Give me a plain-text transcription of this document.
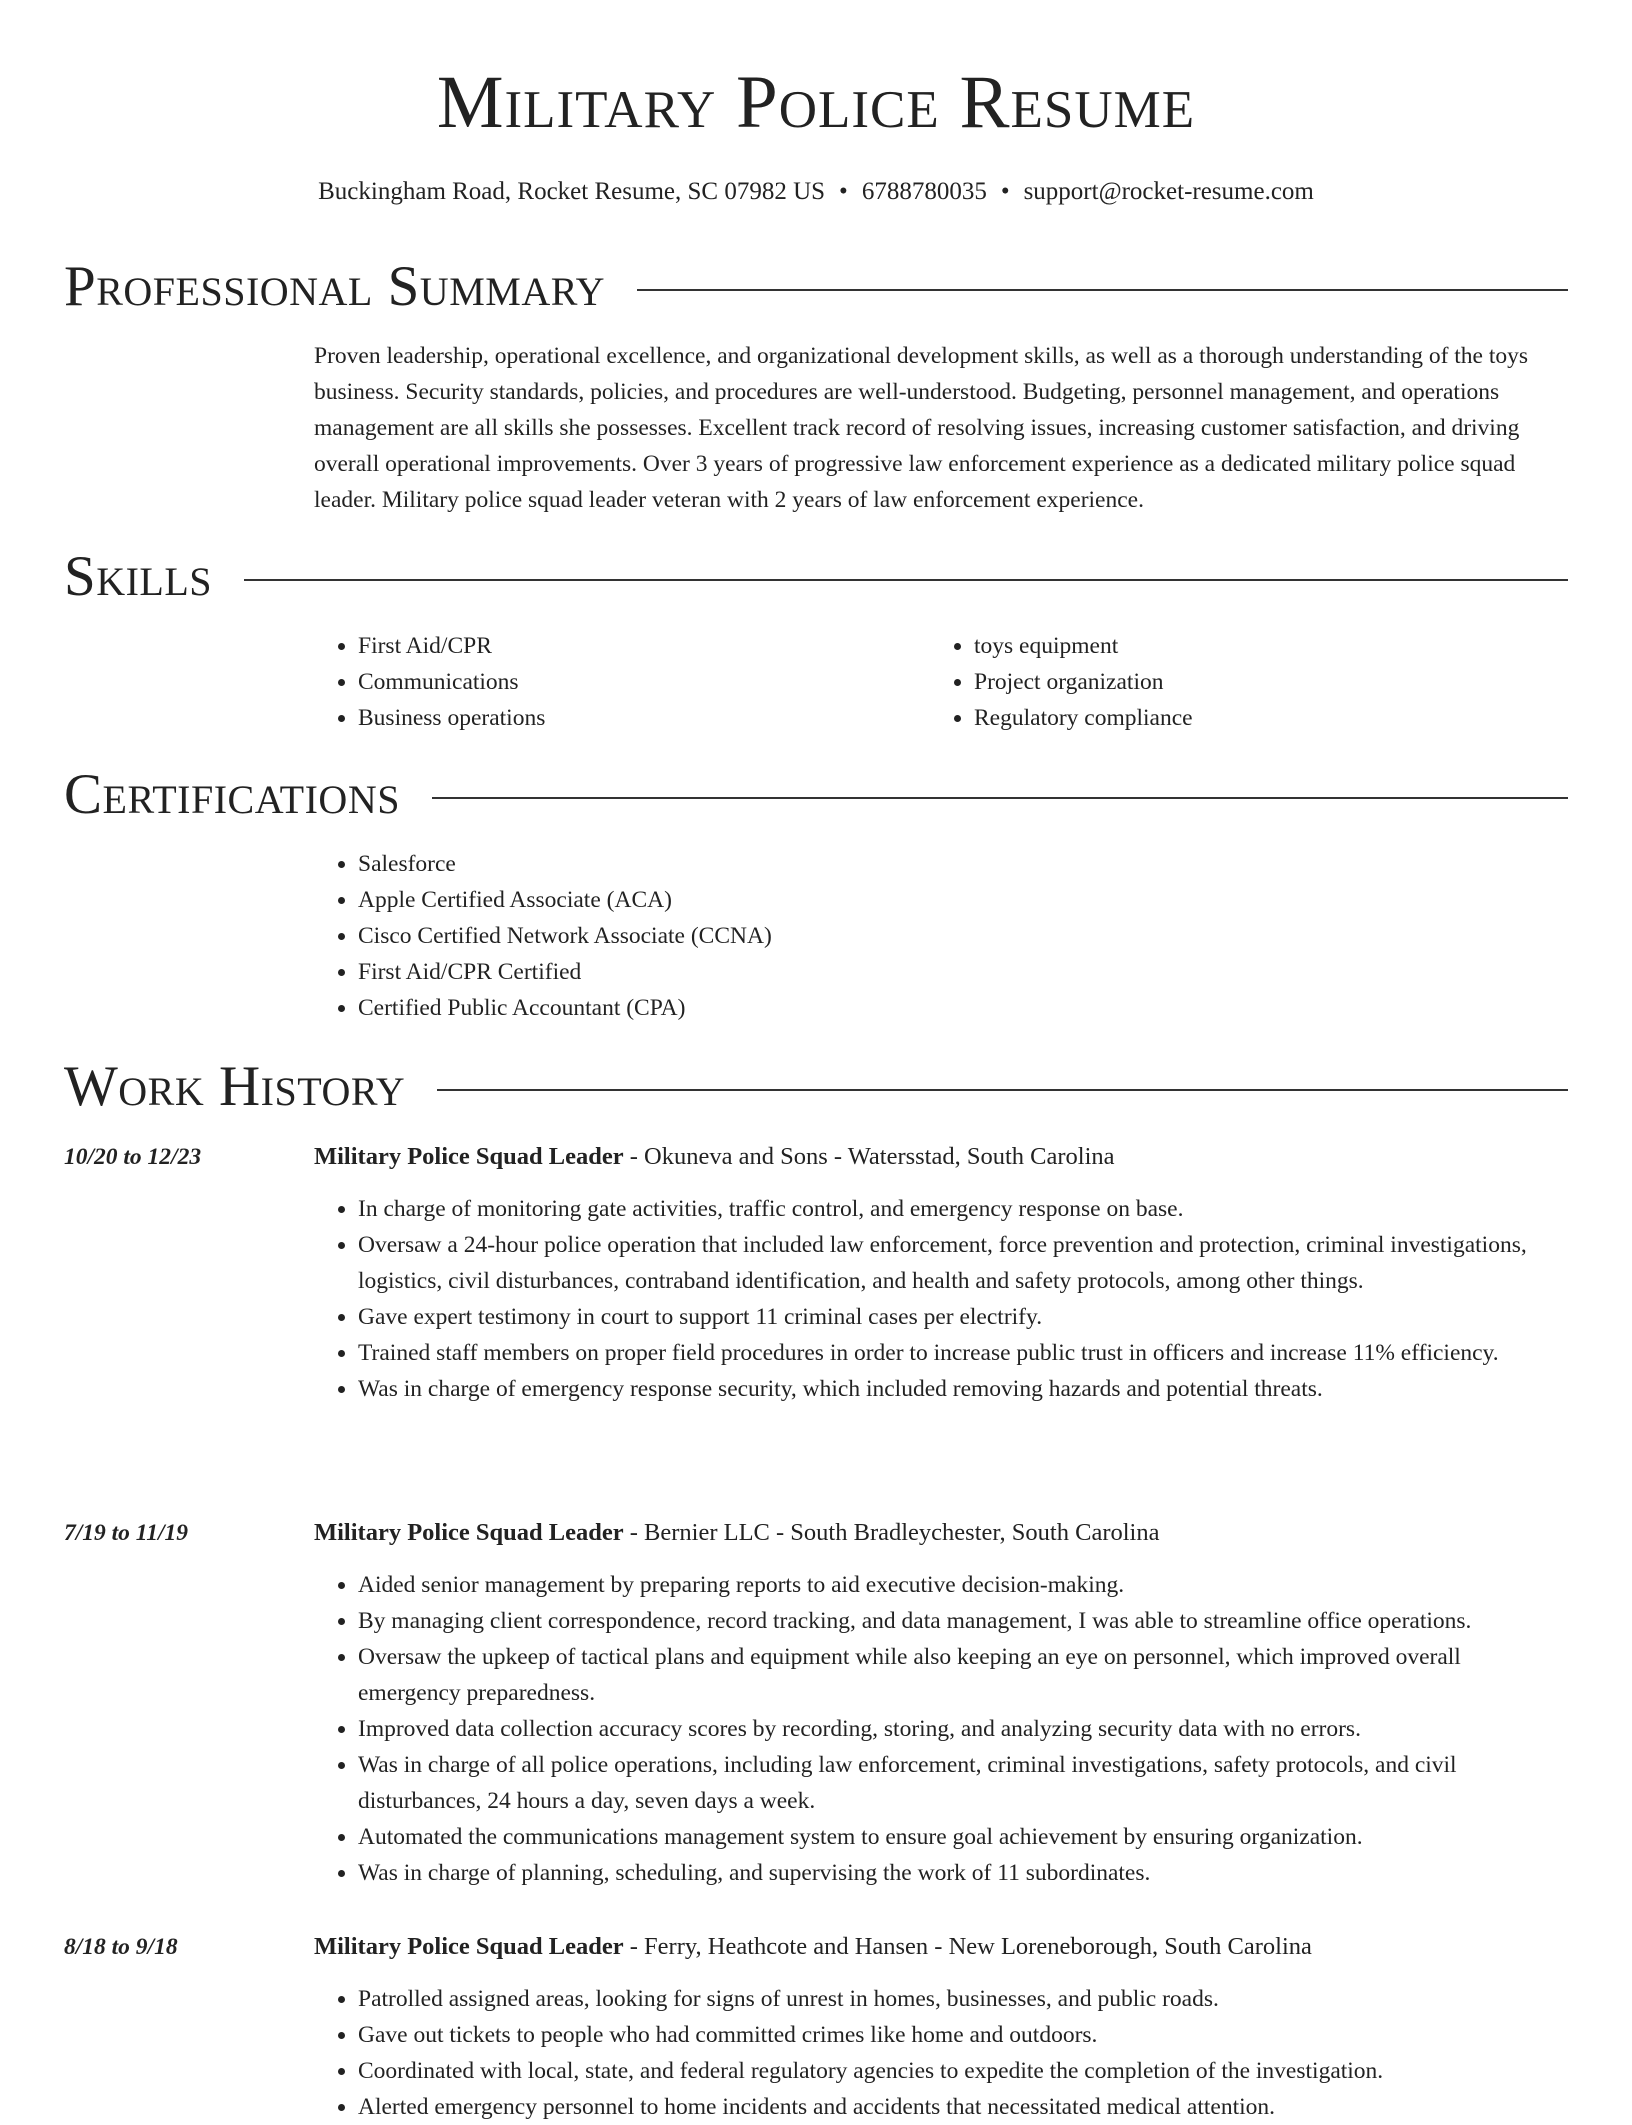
Military Police Resume
Buckingham Road, Rocket Resume, SC 07982 US • 6788780035 • support@rocket-resume.com
Professional Summary

Proven leadership, operational excellence, and organizational development skills, as well as a thorough understanding of the toys business. Security standards, policies, and procedures are well-understood. Budgeting, personnel management, and operations management are all skills she possesses. Excellent track record of resolving issues, increasing customer satisfaction, and driving overall operational improvements. Over 3 years of progressive law enforcement experience as a dedicated military police squad leader. Military police squad leader veteran with 2 years of law enforcement experience.

Skills
• First Aid/CPR
• Communications
• Business operations
• toys equipment
• Project organization
• Regulatory compliance
Certifications
• Salesforce
• Apple Certified Associate (ACA)
• Cisco Certified Network Associate (CCNA)
• First Aid/CPR Certified
• Certified Public Accountant (CPA)
Work History
10/20 to 12/23	Military Police Squad Leader - Okuneva and Sons - Watersstad, South Carolina
• In charge of monitoring gate activities, traffic control, and emergency response on base.
• Oversaw a 24-hour police operation that included law enforcement, force prevention and protection, criminal investigations, logistics, civil disturbances, contraband identification, and health and safety protocols, among other things.
• Gave expert testimony in court to support 11 criminal cases per electrify.
• Trained staff members on proper field procedures in order to increase public trust in officers and increase 11% efficiency.
• Was in charge of emergency response security, which included removing hazards and potential threats.
7/19 to 11/19	Military Police Squad Leader - Bernier LLC - South Bradleychester, South Carolina
• Aided senior management by preparing reports to aid executive decision-making.
• By managing client correspondence, record tracking, and data management, I was able to streamline office operations.
• Oversaw the upkeep of tactical plans and equipment while also keeping an eye on personnel, which improved overall emergency preparedness.
• Improved data collection accuracy scores by recording, storing, and analyzing security data with no errors.
• Was in charge of all police operations, including law enforcement, criminal investigations, safety protocols, and civil disturbances, 24 hours a day, seven days a week.
• Automated the communications management system to ensure goal achievement by ensuring organization.
• Was in charge of planning, scheduling, and supervising the work of 11 subordinates.
8/18 to 9/18	Military Police Squad Leader - Ferry, Heathcote and Hansen - New Loreneborough, South Carolina
• Patrolled assigned areas, looking for signs of unrest in homes, businesses, and public roads.
• Gave out tickets to people who had committed crimes like home and outdoors.
• Coordinated with local, state, and federal regulatory agencies to expedite the completion of the investigation.
• Alerted emergency personnel to home incidents and accidents that necessitated medical attention.
